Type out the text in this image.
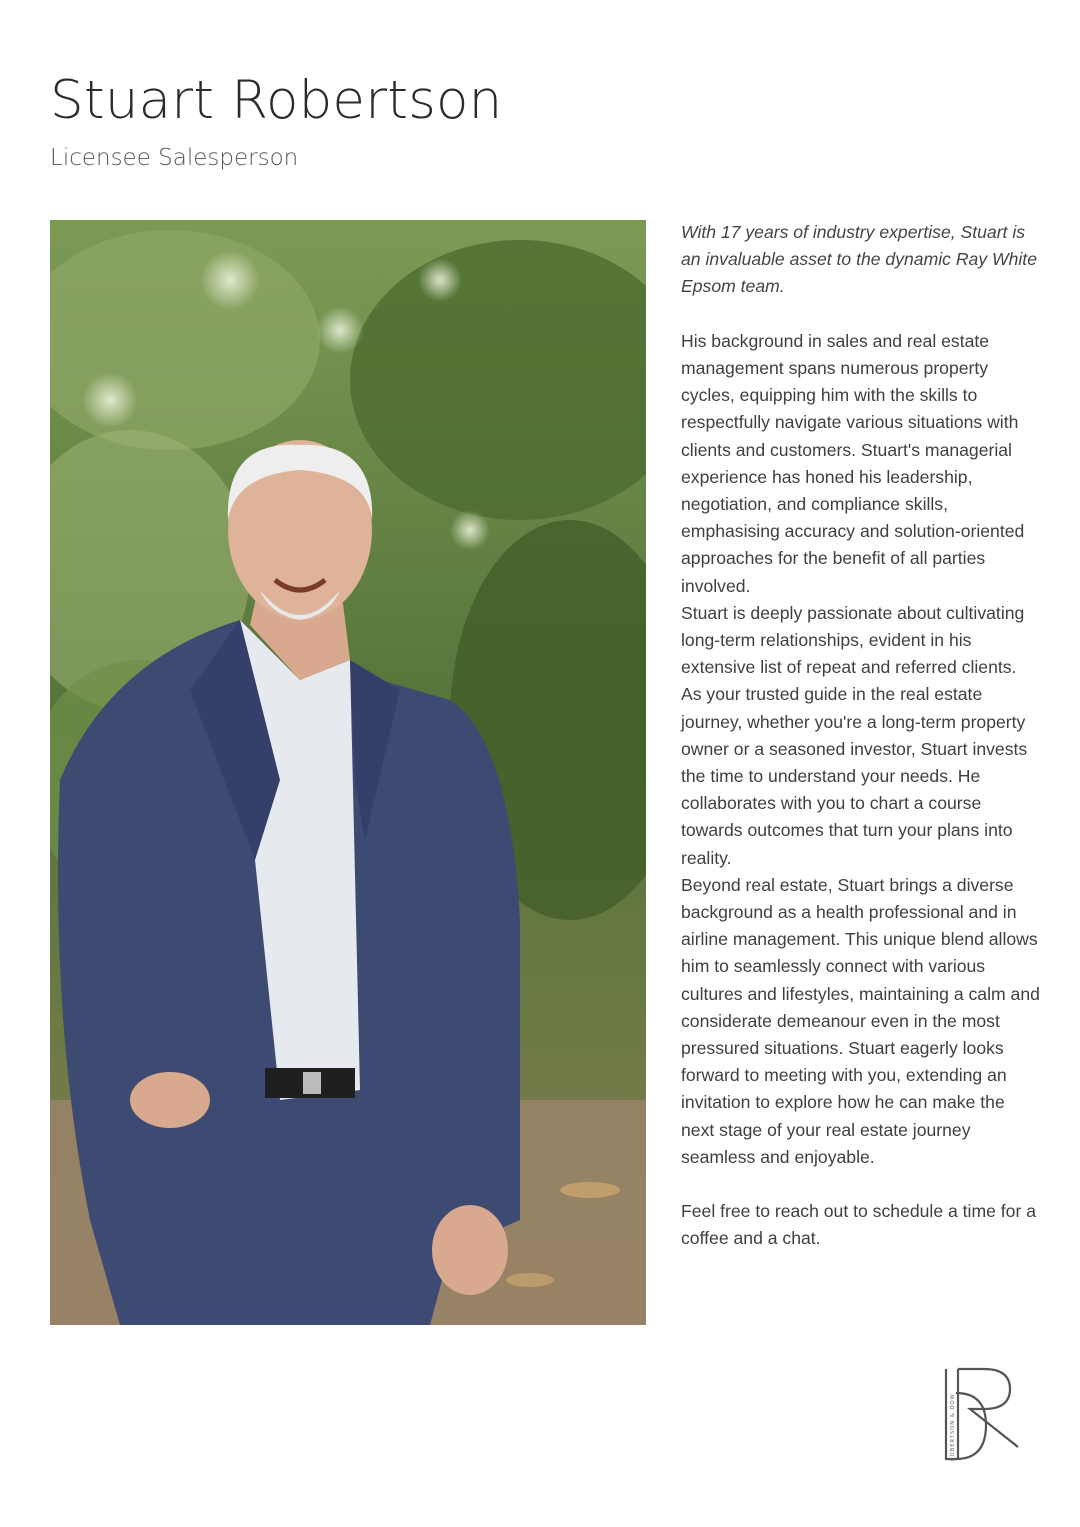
Stuart Robertson

Licensee Salesperson

With 17 years of industry expertise, Stuart is an invaluable asset to the dynamic Ray White Epsom team.

His background in sales and real estate management spans numerous property cycles, equipping him with the skills to respectfully navigate various situations with clients and customers. Stuart's managerial experience has honed his leadership, negotiation, and compliance skills, emphasising accuracy and solution-oriented approaches for the benefit of all parties involved.

Stuart is deeply passionate about cultivating long-term relationships, evident in his extensive list of repeat and referred clients.

As your trusted guide in the real estate journey, whether you're a long-term property owner or a seasoned investor, Stuart invests the time to understand your needs. He collaborates with you to chart a course towards outcomes that turn your plans into reality.

Beyond real estate, Stuart brings a diverse background as a health professional and in airline management. This unique blend allows him to seamlessly connect with various cultures and lifestyles, maintaining a calm and considerate demeanour even in the most pressured situations. Stuart eagerly looks forward to meeting with you, extending an invitation to explore how he can make the next stage of your real estate journey seamless and enjoyable.

Feel free to reach out to schedule a time for a coffee and a chat.

ROBERTSON & DOW
